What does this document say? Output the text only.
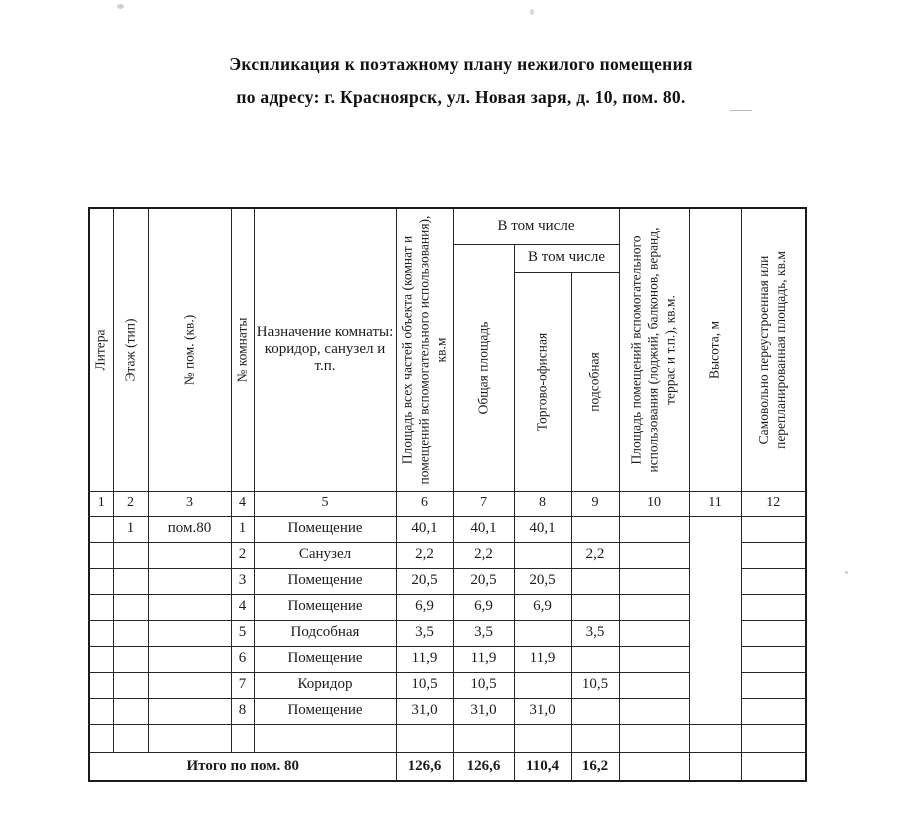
Экспликация к поэтажному плану нежилого помещения
по адресу: г. Красноярск, ул. Новая заря, д. 10, пом. 80.
Литера	Этаж (тип)	№ пом. (кв.)	№ комнаты	Назначение комнаты: коридор, санузел и т.п.	Площадь всех частей объекта (комнат и помещений вспомогательного использования), кв.м	В том числе			Площадь помещений вспомогательного использования (лоджий, балконов, веранд, террас и т.п.), кв.м.	Высота, м	Самовольно переустроенная или перепланированная площадь, кв.м

						Общая площадь	В том числе				

							Торгово-офисная	подсобная			

1	2	3	4	5	6	7	8	9	10	11	12
	1	пом.80	1	Помещение	40,1	40,1	40,1				
			2	Санузел	2,2	2,2		2,2			
			3	Помещение	20,5	20,5	20,5				
			4	Помещение	6,9	6,9	6,9				
			5	Подсобная	3,5	3,5		3,5			
			6	Помещение	11,9	11,9	11,9				
			7	Коридор	10,5	10,5		10,5			
			8	Помещение	31,0	31,0	31,0				

Итого по пом. 80					126,6	126,6	110,4	16,2			
